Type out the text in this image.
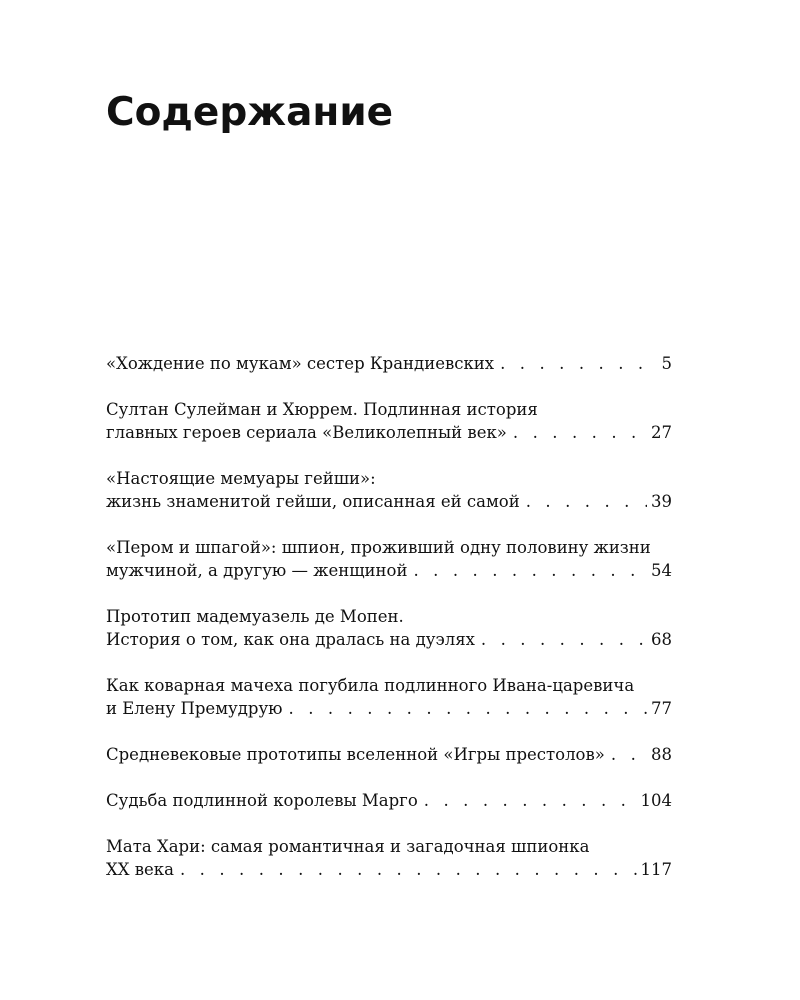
Содержание
«Хождение по мукам» сестер Крандиевских . . .	5
Султан Сулейман и Хюррем. Подлинная история
главных героев сериала «Великолепный век» . . .	27
«Настоящие мемуары гейши»:
жизнь знаменитой гейши, описанная ей самой . . .	39
«Пером и шпагой»: шпион, проживший одну половину жизни
мужчиной, а другую — женщиной . . .	54
Прототип мадемуазель де Мопен.
История о том, как она дралась на дуэлях . . .	68
Как коварная мачеха погубила подлинного Ивана-царевича
и Елену Премудрую . . .	77
Средневековые прототипы вселенной «Игры престолов» . . .	88
Судьба подлинной королевы Марго . . .	104
Мата Хари: самая романтичная и загадочная шпионка
XX века . . .	117
